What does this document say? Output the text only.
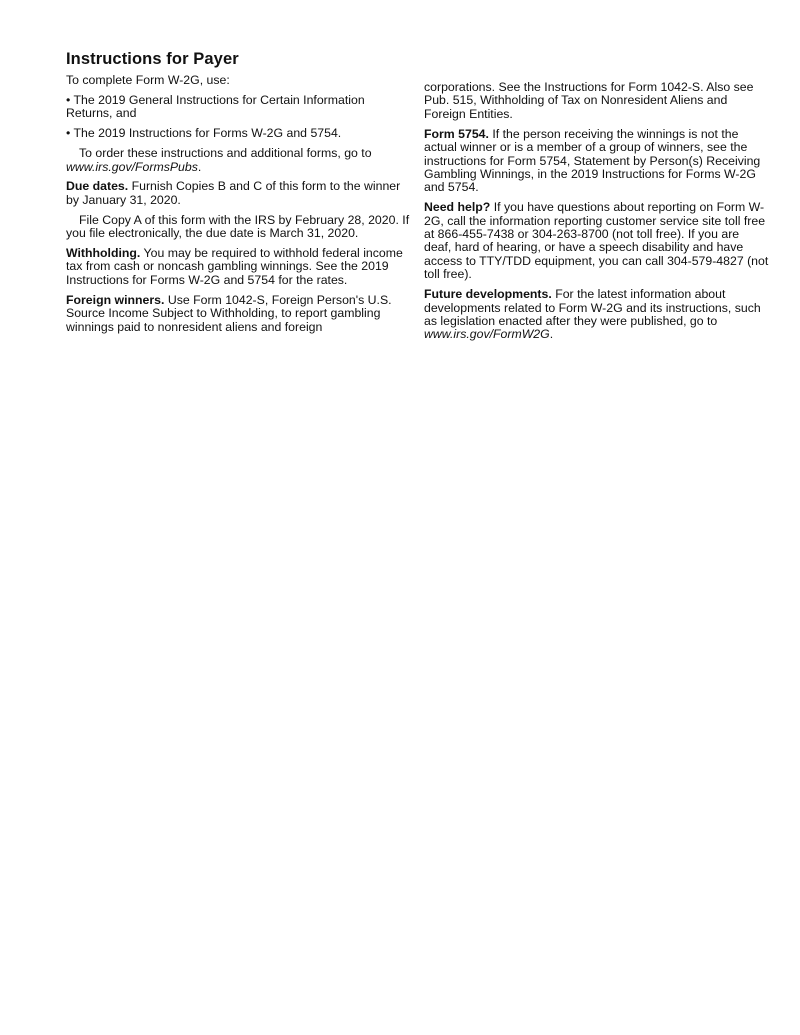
Instructions for Payer

To complete Form W-2G, use:

• The 2019 General Instructions for Certain Information Returns, and

• The 2019 Instructions for Forms W-2G and 5754.

To order these instructions and additional forms, go to www.irs.gov/FormsPubs.

Due dates. Furnish Copies B and C of this form to the winner by January 31, 2020.

File Copy A of this form with the IRS by February 28, 2020. If you file electronically, the due date is March 31, 2020.

Withholding. You may be required to withhold federal income tax from cash or noncash gambling winnings. See the 2019 Instructions for Forms W-2G and 5754 for the rates.

Foreign winners. Use Form 1042-S, Foreign Person's U.S. Source Income Subject to Withholding, to report gambling winnings paid to nonresident aliens and foreign

corporations. See the Instructions for Form 1042-S. Also see Pub. 515, Withholding of Tax on Nonresident Aliens and Foreign Entities.

Form 5754. If the person receiving the winnings is not the actual winner or is a member of a group of winners, see the instructions for Form 5754, Statement by Person(s) Receiving Gambling Winnings, in the 2019 Instructions for Forms W-2G and 5754.

Need help? If you have questions about reporting on Form W-2G, call the information reporting customer service site toll free at 866-455-7438 or 304-263-8700 (not toll free). If you are deaf, hard of hearing, or have a speech disability and have access to TTY/TDD equipment, you can call 304-579-4827 (not toll free).

Future developments. For the latest information about developments related to Form W-2G and its instructions, such as legislation enacted after they were published, go to www.irs.gov/FormW2G.
